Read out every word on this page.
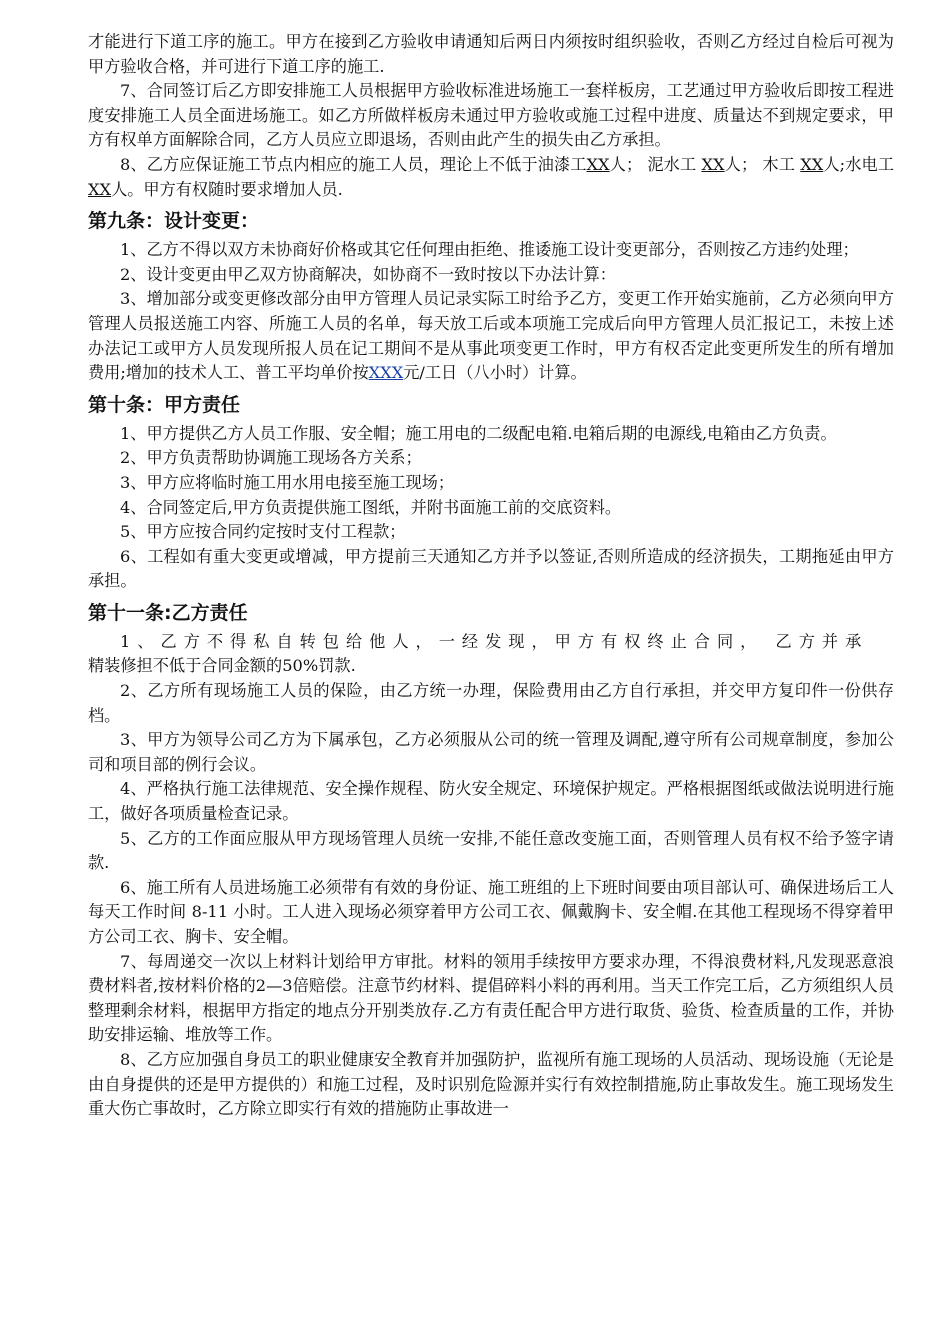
才能进行下道工序的施工。甲方在接到乙方验收申请通知后两日内须按时组织验收，否则乙方经过自检后可视为甲方验收合格，并可进行下道工序的施工.

7、合同签订后乙方即安排施工人员根据甲方验收标准进场施工一套样板房，工艺通过甲方验收后即按工程进度安排施工人员全面进场施工。如乙方所做样板房未通过甲方验收或施工过程中进度、质量达不到规定要求，甲方有权单方面解除合同，乙方人员应立即退场，否则由此产生的损失由乙方承担。

8、乙方应保证施工节点内相应的施工人员，理论上不低于油漆工XX人； 泥水工 XX人； 木工 XX人;水电工XX人。甲方有权随时要求增加人员.

第九条：设计变更：

1、乙方不得以双方未协商好价格或其它任何理由拒绝、推诿施工设计变更部分，否则按乙方违约处理；

2、设计变更由甲乙双方协商解决，如协商不一致时按以下办法计算：

3、增加部分或变更修改部分由甲方管理人员记录实际工时给予乙方，变更工作开始实施前，乙方必须向甲方管理人员报送施工内容、所施工人员的名单，每天放工后或本项施工完成后向甲方管理人员汇报记工，未按上述办法记工或甲方人员发现所报人员在记工期间不是从事此项变更工作时，甲方有权否定此变更所发生的所有增加费用;增加的技术人工、普工平均单价按XXX元/工日（八小时）计算。

第十条：甲方责任

1、甲方提供乙方人员工作服、安全帽；施工用电的二级配电箱.电箱后期的电源线,电箱由乙方负责。

2、甲方负责帮助协调施工现场各方关系；

3、甲方应将临时施工用水用电接至施工现场；

4、合同签定后,甲方负责提供施工图纸，并附书面施工前的交底资料。

5、甲方应按合同约定按时支付工程款；

6、工程如有重大变更或增减，甲方提前三天通知乙方并予以签证,否则所造成的经济损失，工期拖延由甲方承担。

第十一条:乙方责任

1、乙方不得私自转包给他人，一经发现，甲方有权终止合同， 乙方并承

精装修担不低于合同金额的50%罚款.

2、乙方所有现场施工人员的保险，由乙方统一办理，保险费用由乙方自行承担，并交甲方复印件一份供存档。

3、甲方为领导公司乙方为下属承包，乙方必须服从公司的统一管理及调配,遵守所有公司规章制度，参加公司和项目部的例行会议。

4、严格执行施工法律规范、安全操作规程、防火安全规定、环境保护规定。严格根据图纸或做法说明进行施工，做好各项质量检查记录。

5、乙方的工作面应服从甲方现场管理人员统一安排,不能任意改变施工面，否则管理人员有权不给予签字请款.

6、施工所有人员进场施工必须带有有效的身份证、施工班组的上下班时间要由项目部认可、确保进场后工人每天工作时间 8-11 小时。工人进入现场必须穿着甲方公司工衣、佩戴胸卡、安全帽.在其他工程现场不得穿着甲方公司工衣、胸卡、安全帽。

7、每周递交一次以上材料计划给甲方审批。材料的领用手续按甲方要求办理，不得浪费材料,凡发现恶意浪费材料者,按材料价格的2—3倍赔偿。注意节约材料、提倡碎料小料的再利用。当天工作完工后，乙方须组织人员整理剩余材料，根据甲方指定的地点分开别类放存.乙方有责任配合甲方进行取货、验货、检查质量的工作，并协助安排运输、堆放等工作。

8、乙方应加强自身员工的职业健康安全教育并加强防护，监视所有施工现场的人员活动、现场设施（无论是由自身提供的还是甲方提供的）和施工过程，及时识别危险源并实行有效控制措施,防止事故发生。施工现场发生重大伤亡事故时，乙方除立即实行有效的措施防止事故进一
